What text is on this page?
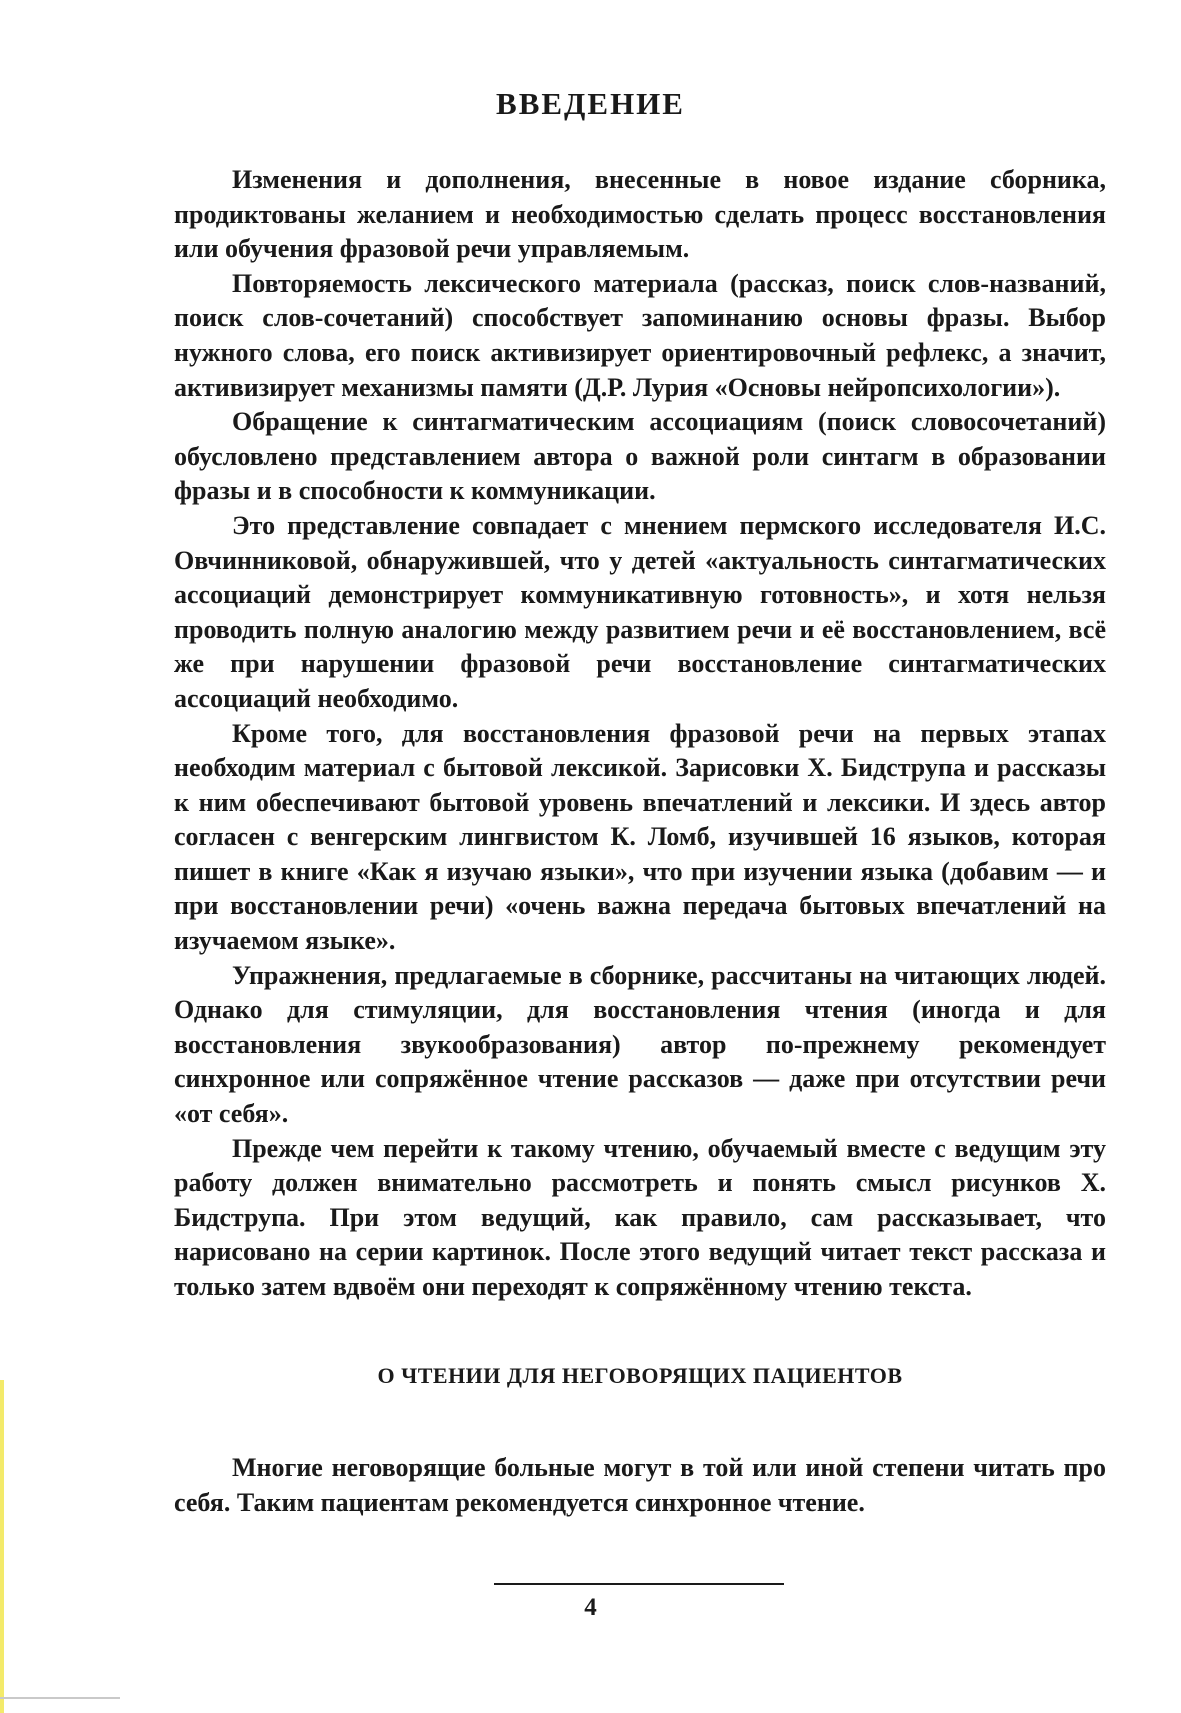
ВВЕДЕНИЕ

Изменения и дополнения, внесенные в новое издание сборника, продиктованы желанием и необходимостью сделать процесс восстановления или обучения фразовой речи управляемым.

Повторяемость лексического материала (рассказ, поиск слов-названий, поиск слов-сочетаний) способствует запоминанию основы фразы. Выбор нужного слова, его поиск активизирует ориентировочный рефлекс, а значит, активизирует механизмы памяти (Д.Р. Лурия «Основы нейропсихологии»).

Обращение к синтагматическим ассоциациям (поиск словосочетаний) обусловлено представлением автора о важной роли синтагм в образовании фразы и в способности к коммуникации.

Это представление совпадает с мнением пермского исследователя И.С. Овчинниковой, обнаружившей, что у детей «актуальность синтагматических ассоциаций демонстрирует коммуникативную готовность», и хотя нельзя проводить полную аналогию между развитием речи и её восстановлением, всё же при нарушении фразовой речи восстановление синтагматических ассоциаций необходимо.

Кроме того, для восстановления фразовой речи на первых этапах необходим материал с бытовой лексикой. Зарисовки Х. Бидструпа и рассказы к ним обеспечивают бытовой уровень впечатлений и лексики. И здесь автор согласен с венгерским лингвистом К. Ломб, изучившей 16 языков, которая пишет в книге «Как я изучаю языки», что при изучении языка (добавим — и при восстановлении речи) «очень важна передача бытовых впечатлений на изучаемом языке».

Упражнения, предлагаемые в сборнике, рассчитаны на читающих людей. Однако для стимуляции, для восстановления чтения (иногда и для восстановления звукообразования) автор по-прежнему рекомендует синхронное или сопряжённое чтение рассказов — даже при отсутствии речи «от себя».

Прежде чем перейти к такому чтению, обучаемый вместе с ведущим эту работу должен внимательно рассмотреть и понять смысл рисунков Х. Бидструпа. При этом ведущий, как правило, сам рассказывает, что нарисовано на серии картинок. После этого ведущий читает текст рассказа и только затем вдвоём они переходят к сопряжённому чтению текста.

О ЧТЕНИИ ДЛЯ НЕГОВОРЯЩИХ ПАЦИЕНТОВ

Многие неговорящие больные могут в той или иной степени читать про себя. Таким пациентам рекомендуется синхронное чтение.

4
